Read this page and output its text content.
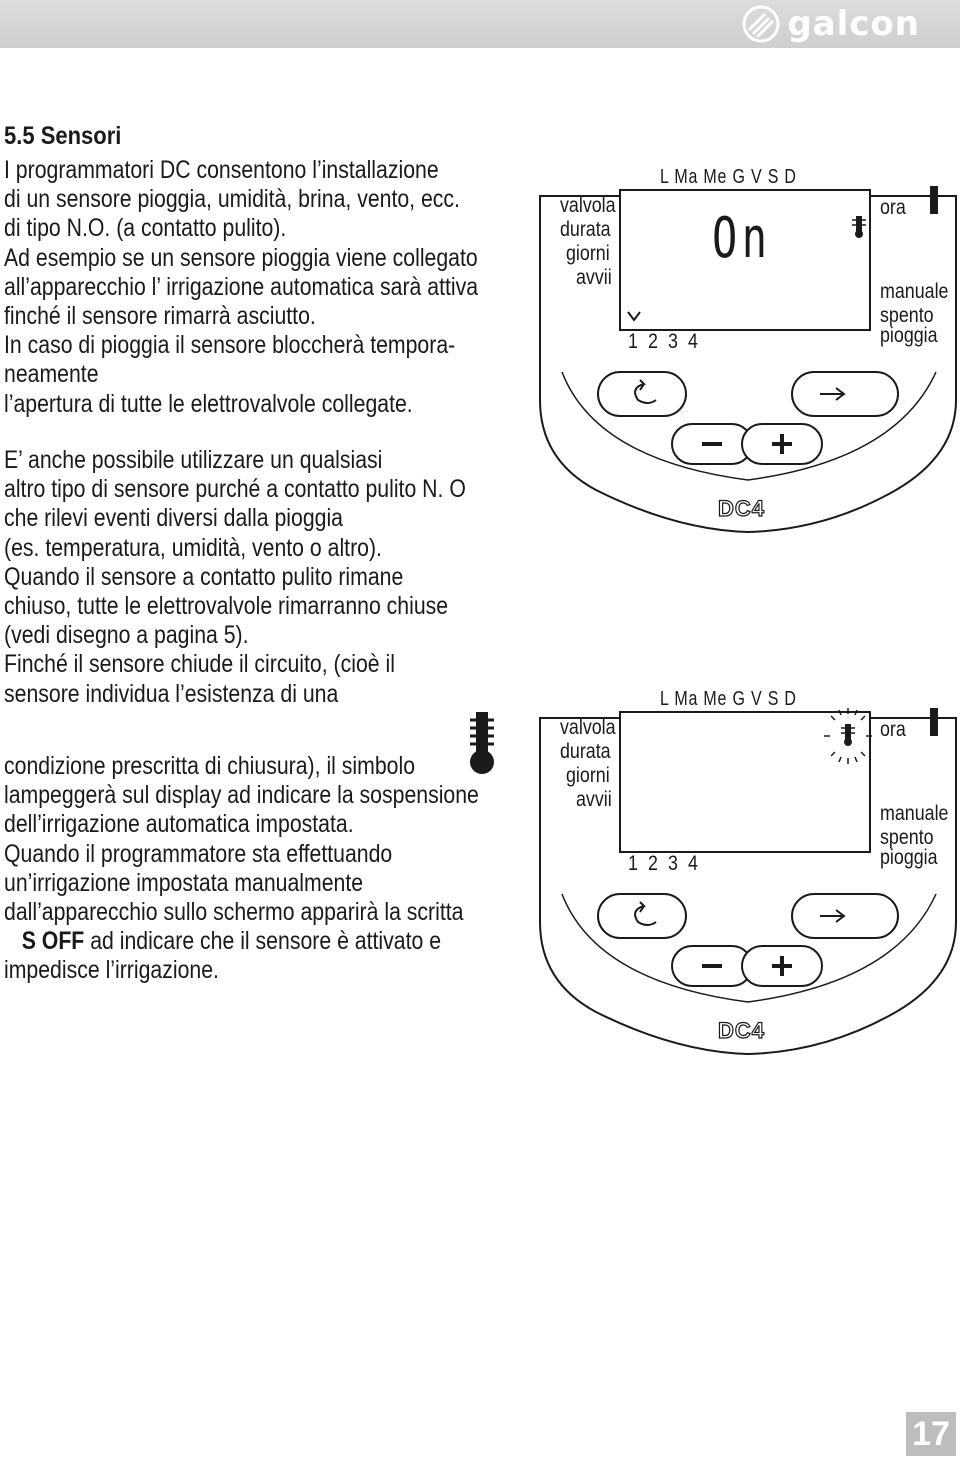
galcon
5.5 Sensori

I programmatori DC consentono l’installazione
di un sensore pioggia, umidità, brina, vento, ecc.
di tipo N.O. (a contatto pulito).
Ad esempio se un sensore pioggia viene collegato
all’apparecchio l’ irrigazione automatica sarà attiva
finché il sensore rimarrà asciutto.
In caso di pioggia il sensore bloccherà tempora-
neamente
l’apertura di tutte le elettrovalvole collegate.

E’ anche possibile utilizzare un qualsiasi
altro tipo di sensore purché a contatto pulito N. O
che rilevi eventi diversi dalla pioggia
(es. temperatura, umidità, vento o altro).
Quando il sensore a contatto pulito rimane
chiuso, tutte le elettrovalvole rimarranno chiuse
(vedi disegno a pagina 5).
Finché il sensore chiude il circuito, (cioè il
sensore individua l’esistenza di una

condizione prescritta di chiusura), il simbolo
lampeggerà sul display ad indicare la sospensione
dell’irrigazione automatica impostata.
Quando il programmatore sta effettuando
un’irrigazione impostata manualmente
dall’apparecchio sullo schermo apparirà la scritta
S OFF ad indicare che il sensore è attivato e
impedisce l’irrigazione.

L Ma Me G V S D
valvola
durata
giorni
avvii
ora
manuale
spento
pioggia
1 2 3 4
On
DC4
L Ma Me G V S D
valvola
durata
giorni
avvii
ora
manuale
spento
pioggia
1 2 3 4
DC4
17
